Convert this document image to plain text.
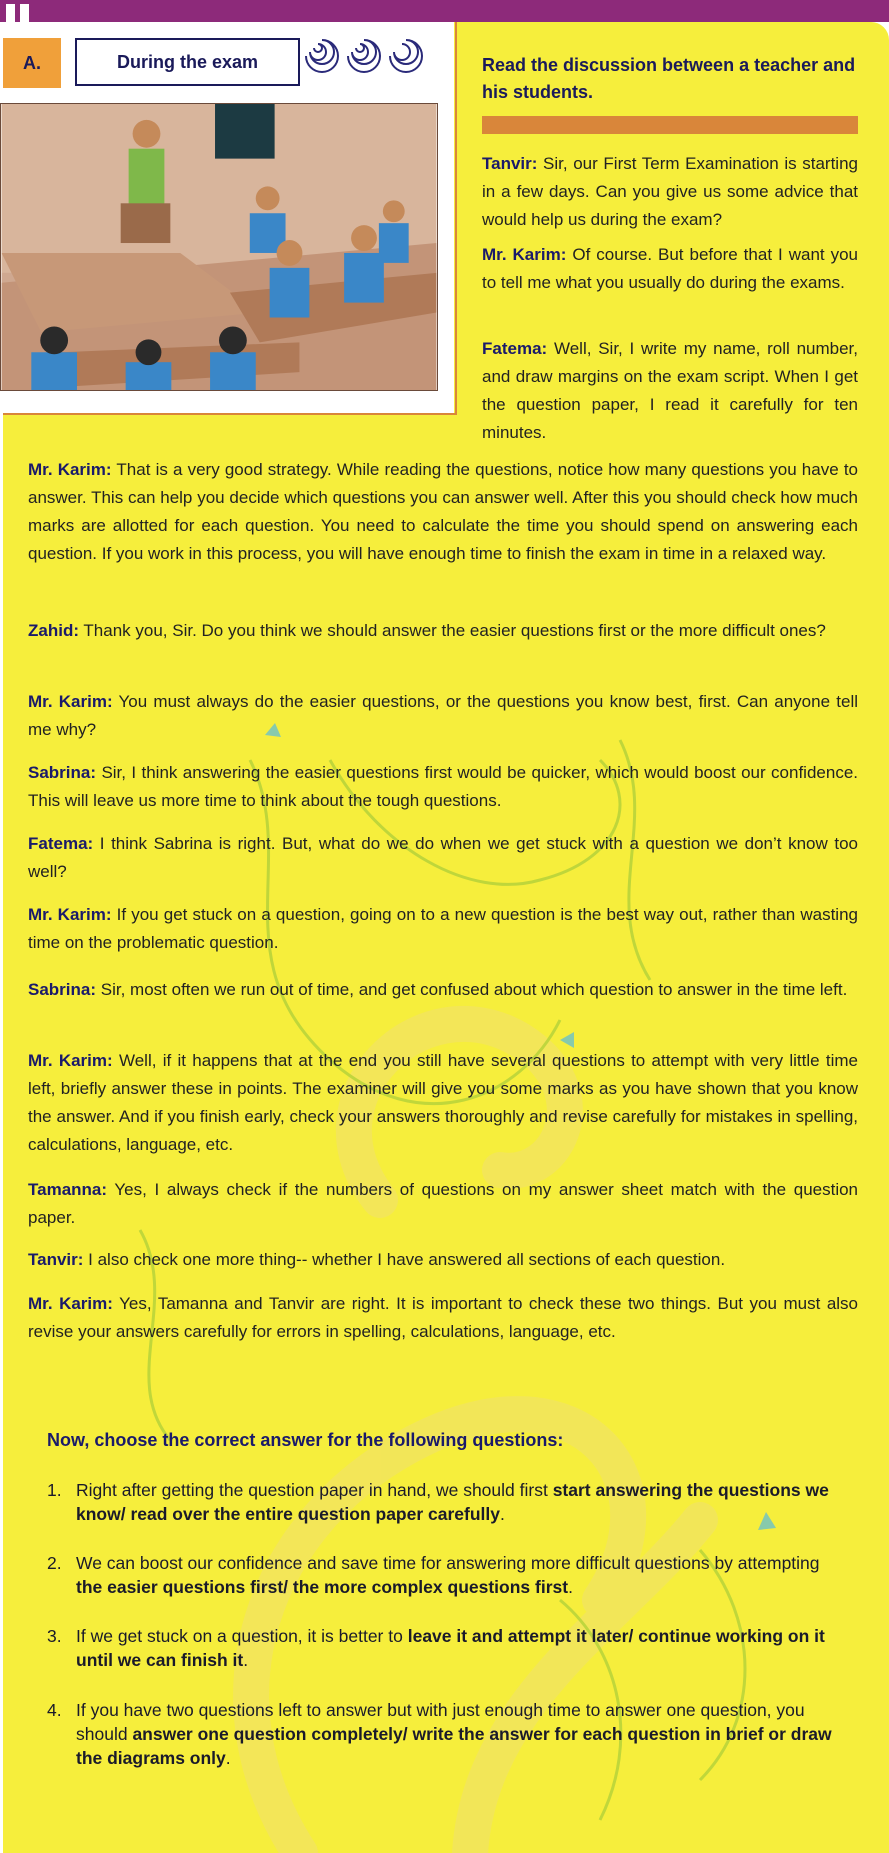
A.	During the exam	Read the discussion between a teacher and his students.
Tanvir: Sir, our First Term Examination is starting in a few days. Can you give us some advice that would help us during the exam?
Mr. Karim: Of course. But before that I want you to tell me what you usually do during the exams.
Fatema: Well, Sir, I write my name, roll number, and draw margins on the exam script. When I get the question paper, I read it carefully for ten minutes.
Mr. Karim: That is a very good strategy. While reading the questions, notice how many questions you have to answer. This can help you decide which questions you can answer well. After this you should check how much marks are allotted for each question. You need to calculate the time you should spend on answering each question. If you work in this process, you will have enough time to finish the exam in time in a relaxed way.
Zahid: Thank you, Sir. Do you think we should answer the easier questions first or the more difficult ones?
Mr. Karim: You must always do the easier questions, or the questions you know best, first. Can anyone tell me why?
Sabrina: Sir, I think answering the easier questions first would be quicker, which would boost our confidence. This will leave us more time to think about the tough questions.
Fatema: I think Sabrina is right. But, what do we do when we get stuck with a question we don’t know too well?
Mr. Karim: If you get stuck on a question, going on to a new question is the best way out, rather than wasting time on the problematic question.
Sabrina: Sir, most often we run out of time, and get confused about which question to answer in the time left.
Mr. Karim: Well, if it happens that at the end you still have several questions to attempt with very little time left, briefly answer these in points. The examiner will give you some marks as you have shown that you know the answer. And if you finish early, check your answers thoroughly and revise carefully for mistakes in spelling, calculations, language, etc.
Tamanna: Yes, I always check if the numbers of questions on my answer sheet match with the question paper.
Tanvir: I also check one more thing-- whether I have answered all sections of each question.
Mr. Karim: Yes, Tamanna and Tanvir are right. It is important to check these two things. But you must also revise your answers carefully for errors in spelling, calculations, language, etc.
Now, choose the correct answer for the following questions:
1. Right after getting the question paper in hand, we should first start answering the questions we know/ read over the entire question paper carefully.
2. We can boost our confidence and save time for answering more difficult questions by attempting the easier questions first/ the more complex questions first.
3. If we get stuck on a question, it is better to leave it and attempt it later/ continue working on it until we can finish it.
4. If you have two questions left to answer but with just enough time to answer one question, you should answer one question completely/ write the answer for each question in brief or draw the diagrams only.
